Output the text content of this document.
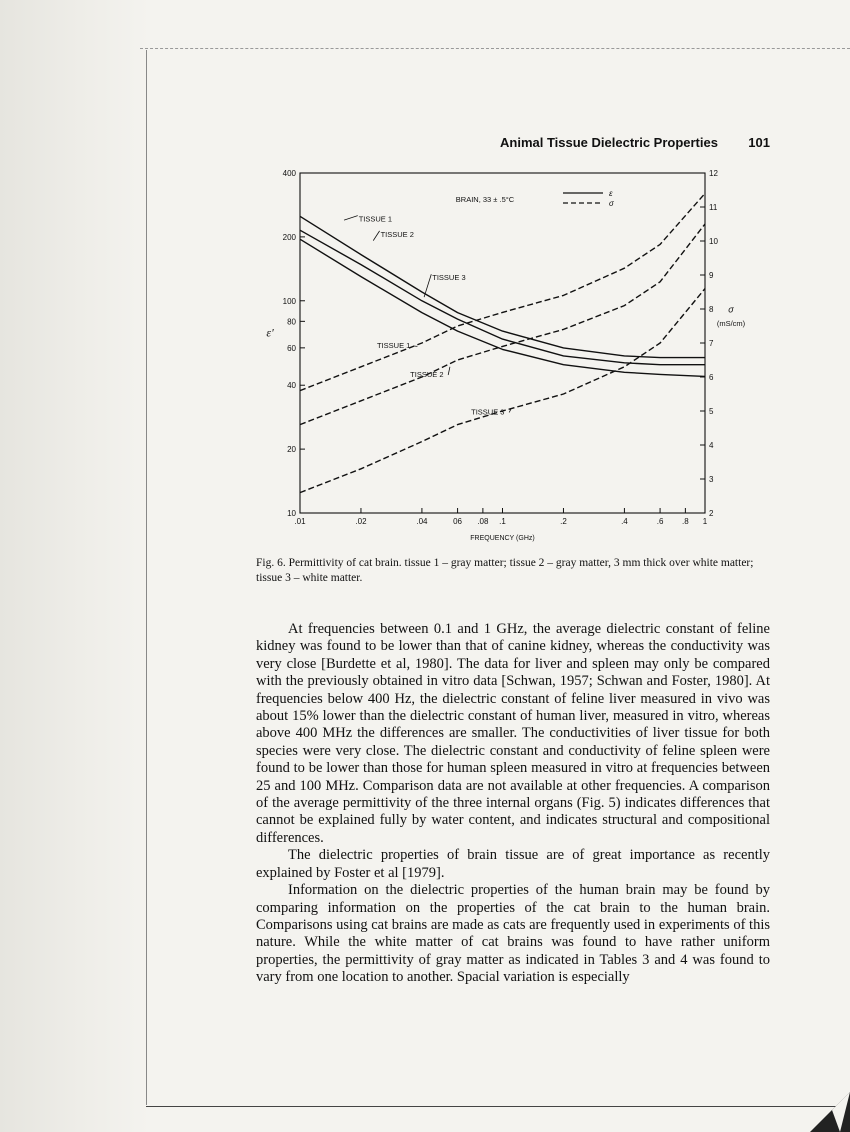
Animal Tissue Dielectric Properties 101
.01	.02	.04	06 .08 .1	.2	.4	.6 .8 1
10
20
40
60
80
100
200
400
2
3
4
5
6
7
8
9
10
11
12
FREQUENCY (GHz)
ε'
σ
(mS/cm)
BRAIN, 33 ± .5°C
ε
σ
TISSUE 1
TISSUE 2
TISSUE 3
TISSUE 1
TISSUE 2
TISSUE 3
Fig. 6. Permittivity of cat brain. tissue 1 – gray matter; tissue 2 – gray matter, 3 mm thick over white matter; tissue 3 – white matter.

At frequencies between 0.1 and 1 GHz, the average dielectric constant of feline kidney was found to be lower than that of canine kidney, whereas the conductivity was very close [Burdette et al, 1980]. The data for liver and spleen may only be compared with the previously obtained in vitro data [Schwan, 1957; Schwan and Foster, 1980]. At frequencies below 400 Hz, the dielectric constant of feline liver measured in vivo was about 15% lower than the dielectric constant of human liver, measured in vitro, whereas above 400 MHz the differences are smaller. The conductivities of liver tissue for both species were very close. The dielectric constant and conductivity of feline spleen were found to be lower than those for human spleen measured in vitro at frequencies between 25 and 100 MHz. Comparison data are not available at other frequencies. A comparison of the average permittivity of the three internal organs (Fig. 5) indicates differences that cannot be explained fully by water content, and indicates structural and compositional differences.

The dielectric properties of brain tissue are of great importance as recently explained by Foster et al [1979].

Information on the dielectric properties of the human brain may be found by comparing information on the properties of the cat brain to the human brain. Comparisons using cat brains are made as cats are frequently used in experiments of this nature. While the white matter of cat brains was found to have rather uniform properties, the permittivity of gray matter as indicated in Tables 3 and 4 was found to vary from one location to another. Spacial variation is especially
